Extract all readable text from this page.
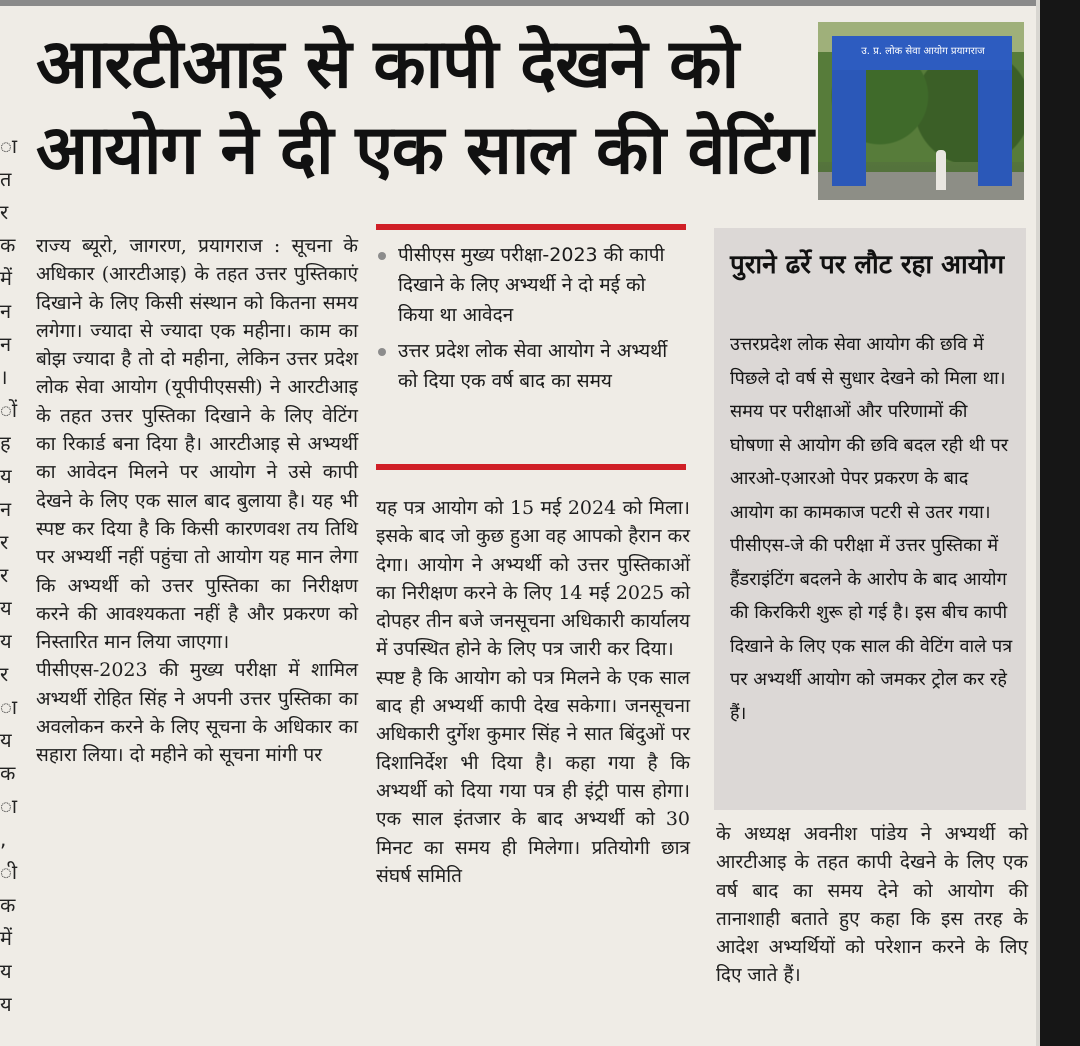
ा
त
र
क
में
न
न
।
ों
ह
य
न
र
र
य
य
र
ा
य
क
ा
,
ी
क
में
य
य
आरटीआइ से कापी देखने को
आयोग ने दी एक साल की वेटिंग
उ. प्र. लोक सेवा आयोग प्रयागराज

राज्य ब्यूरो, जागरण, प्रयागराज : सूचना के अधिकार (आरटीआइ) के तहत उत्तर पुस्तिकाएं दिखाने के लिए किसी संस्थान को कितना समय लगेगा। ज्यादा से ज्यादा एक महीना। काम का बोझ ज्यादा है तो दो महीना, लेकिन उत्तर प्रदेश लोक सेवा आयोग (यूपीपीएससी) ने आरटीआइ के तहत उत्तर पुस्तिका दिखाने के लिए वेटिंग का रिकार्ड बना दिया है। आरटीआइ से अभ्यर्थी का आवेदन मिलने पर आयोग ने उसे कापी देखने के लिए एक साल बाद बुलाया है। यह भी स्पष्ट कर दिया है कि किसी कारणवश तय तिथि पर अभ्यर्थी नहीं पहुंचा तो आयोग यह मान लेगा कि अभ्यर्थी को उत्तर पुस्तिका का निरीक्षण करने की आवश्यकता नहीं है और प्रकरण को निस्तारित मान लिया जाएगा।

पीसीएस-2023 की मुख्य परीक्षा में शामिल अभ्यर्थी रोहित सिंह ने अपनी उत्तर पुस्तिका का अवलोकन करने के लिए सूचना के अधिकार का सहारा लिया। दो महीने को सूचना मांगी पर

पीसीएस मुख्य परीक्षा-2023 की कापी दिखाने के लिए अभ्यर्थी ने दो मई को किया था आवेदन
उत्तर प्रदेश लोक सेवा आयोग ने अभ्यर्थी को दिया एक वर्ष बाद का समय

यह पत्र आयोग को 15 मई 2024 को मिला। इसके बाद जो कुछ हुआ वह आपको हैरान कर देगा। आयोग ने अभ्यर्थी को उत्तर पुस्तिकाओं का निरीक्षण करने के लिए 14 मई 2025 को दोपहर तीन बजे जनसूचना अधिकारी कार्यालय में उपस्थित होने के लिए पत्र जारी कर दिया।

स्पष्ट है कि आयोग को पत्र मिलने के एक साल बाद ही अभ्यर्थी कापी देख सकेगा। जनसूचना अधिकारी दुर्गेश कुमार सिंह ने सात बिंदुओं पर दिशानिर्देश भी दिया है। कहा गया है कि अभ्यर्थी को दिया गया पत्र ही इंट्री पास होगा। एक साल इंतजार के बाद अभ्यर्थी को 30 मिनट का समय ही मिलेगा। प्रतियोगी छात्र संघर्ष समिति

पुराने ढर्रे पर लौट रहा आयोग

उत्तरप्रदेश लोक सेवा आयोग की छवि में पिछले दो वर्ष से सुधार देखने को मिला था। समय पर परीक्षाओं और परिणामों की घोषणा से आयोग की छवि बदल रही थी पर आरओ-एआरओ पेपर प्रकरण के बाद आयोग का कामकाज पटरी से उतर गया। पीसीएस-जे की परीक्षा में उत्तर पुस्तिका में हैंडराइंटिंग बदलने के आरोप के बाद आयोग की किरकिरी शुरू हो गई है। इस बीच कापी दिखाने के लिए एक साल की वेटिंग वाले पत्र पर अभ्यर्थी आयोग को जमकर ट्रोल कर रहे हैं।

के अध्यक्ष अवनीश पांडेय ने अभ्यर्थी को आरटीआइ के तहत कापी देखने के लिए एक वर्ष बाद का समय देने को आयोग की तानाशाही बताते हुए कहा कि इस तरह के आदेश अभ्यर्थियों को परेशान करने के लिए दिए जाते हैं।
